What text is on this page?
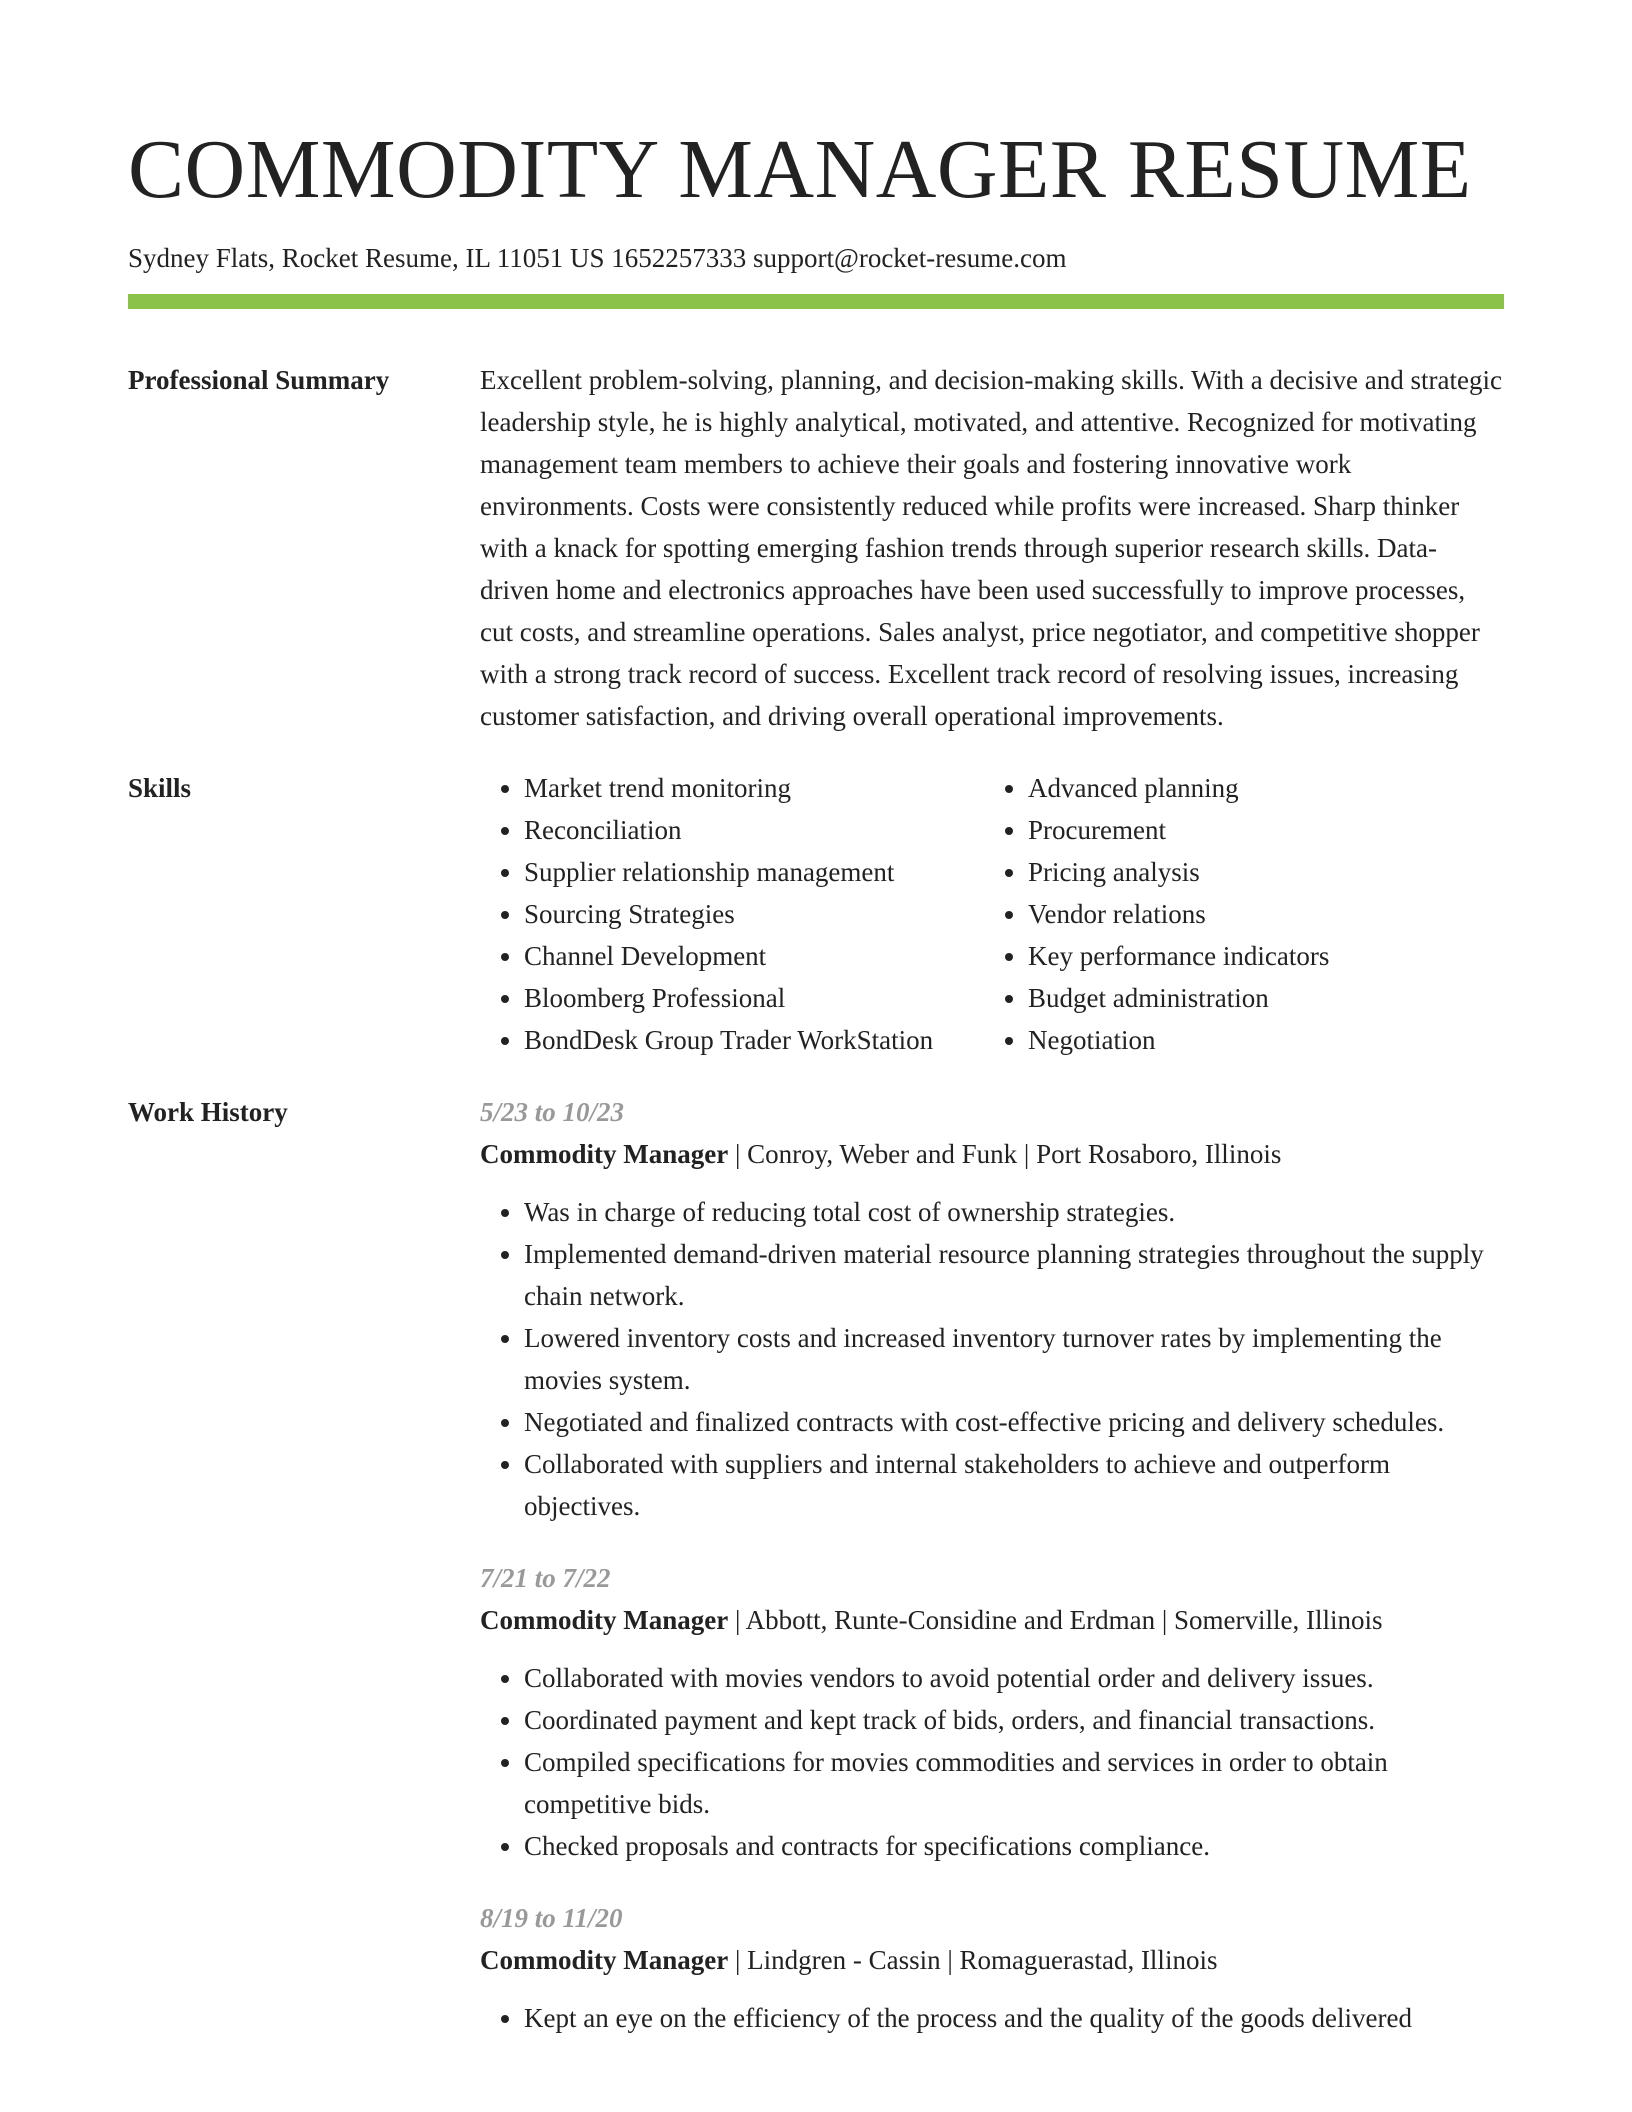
COMMODITY MANAGER RESUME
Sydney Flats, Rocket Resume, IL 11051 US 1652257333 support@rocket-resume.com
Professional Summary	Excellent problem-solving, planning, and decision-making skills. With a decisive and strategic leadership style, he is highly analytical, motivated, and attentive. Recognized for motivating management team members to achieve their goals and fostering innovative work environments. Costs were consistently reduced while profits were increased. Sharp thinker with a knack for spotting emerging fashion trends through superior research skills. Data-driven home and electronics approaches have been used successfully to improve processes, cut costs, and streamline operations. Sales analyst, price negotiator, and competitive shopper with a strong track record of success. Excellent track record of resolving issues, increasing customer satisfaction, and driving overall operational improvements.
Skills
•	Market trend monitoring
• Reconciliation
• Supplier relationship management
• Sourcing Strategies
• Channel Development
• Bloomberg Professional
• BondDesk Group Trader WorkStation
• Advanced planning
• Procurement
• Pricing analysis
• Vendor relations
• Key performance indicators
• Budget administration
• Negotiation
Work History	5/23 to 10/23
Commodity Manager | Conroy, Weber and Funk | Port Rosaboro, Illinois
• Was in charge of reducing total cost of ownership strategies.
• Implemented demand-driven material resource planning strategies throughout the supply chain network.
• Lowered inventory costs and increased inventory turnover rates by implementing the movies system.
• Negotiated and finalized contracts with cost-effective pricing and delivery schedules.
• Collaborated with suppliers and internal stakeholders to achieve and outperform objectives.
7/21 to 7/22
Commodity Manager | Abbott, Runte-Considine and Erdman | Somerville, Illinois
• Collaborated with movies vendors to avoid potential order and delivery issues.
• Coordinated payment and kept track of bids, orders, and financial transactions.
• Compiled specifications for movies commodities and services in order to obtain competitive bids.
• Checked proposals and contracts for specifications compliance.
8/19 to 11/20
Commodity Manager | Lindgren - Cassin | Romaguerastad, Illinois
• Kept an eye on the efficiency of the process and the quality of the goods delivered
